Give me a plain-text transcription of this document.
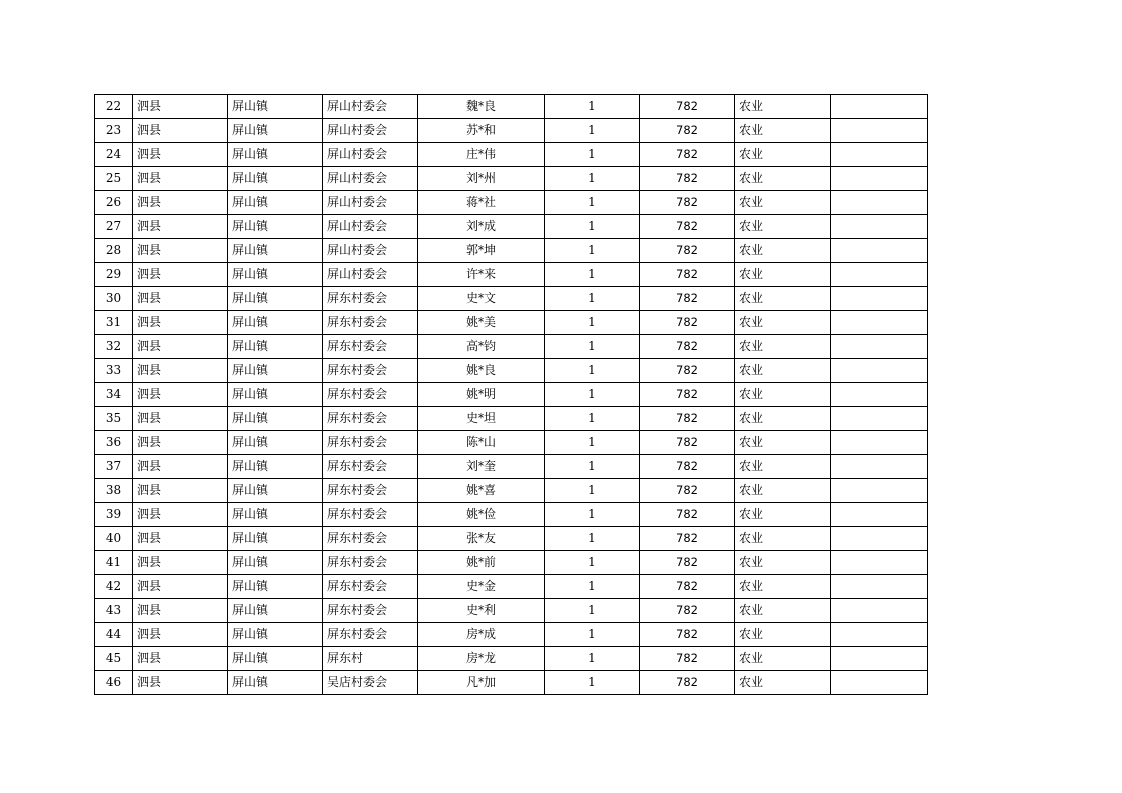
22	泗县	屏山镇	屏山村委会	魏*良	1	782	农业	
23	泗县	屏山镇	屏山村委会	苏*和	1	782	农业	
24	泗县	屏山镇	屏山村委会	庄*伟	1	782	农业	
25	泗县	屏山镇	屏山村委会	刘*州	1	782	农业	
26	泗县	屏山镇	屏山村委会	蒋*社	1	782	农业	
27	泗县	屏山镇	屏山村委会	刘*成	1	782	农业	
28	泗县	屏山镇	屏山村委会	郭*坤	1	782	农业	
29	泗县	屏山镇	屏山村委会	许*来	1	782	农业	
30	泗县	屏山镇	屏东村委会	史*文	1	782	农业	
31	泗县	屏山镇	屏东村委会	姚*美	1	782	农业	
32	泗县	屏山镇	屏东村委会	高*钧	1	782	农业	
33	泗县	屏山镇	屏东村委会	姚*良	1	782	农业	
34	泗县	屏山镇	屏东村委会	姚*明	1	782	农业	
35	泗县	屏山镇	屏东村委会	史*坦	1	782	农业	
36	泗县	屏山镇	屏东村委会	陈*山	1	782	农业	
37	泗县	屏山镇	屏东村委会	刘*奎	1	782	农业	
38	泗县	屏山镇	屏东村委会	姚*喜	1	782	农业	
39	泗县	屏山镇	屏东村委会	姚*俭	1	782	农业	
40	泗县	屏山镇	屏东村委会	张*友	1	782	农业	
41	泗县	屏山镇	屏东村委会	姚*前	1	782	农业	
42	泗县	屏山镇	屏东村委会	史*金	1	782	农业	
43	泗县	屏山镇	屏东村委会	史*利	1	782	农业	
44	泗县	屏山镇	屏东村委会	房*成	1	782	农业	
45	泗县	屏山镇	屏东村	房*龙	1	782	农业	
46	泗县	屏山镇	吴店村委会	凡*加	1	782	农业	
